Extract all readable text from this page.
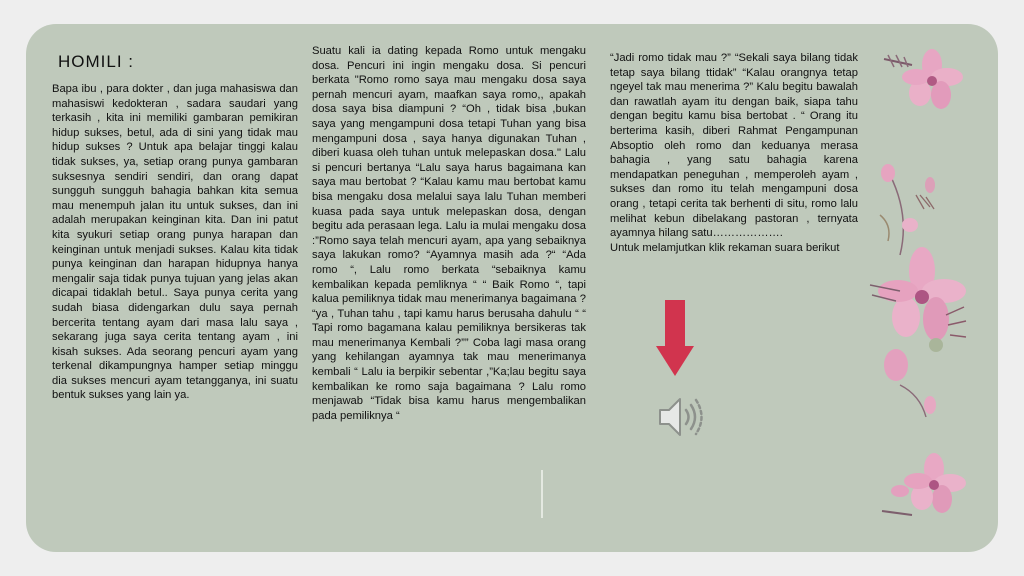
HOMILI :

Bapa ibu , para dokter , dan juga mahasiswa dan mahasiswi kedokteran , sadara saudari yang terkasih , kita ini memiliki gambaran pemikiran hidup sukses, betul, ada di sini yang tidak mau hidup sukses ? Untuk apa belajar tinggi kalau tidak sukses, ya, setiap orang punya gambaran suksesnya sendiri sendiri, dan orang dapat sungguh sungguh bahagia bahkan kita semua mau menempuh jalan itu untuk sukses, dan ini adalah merupakan keinginan kita. Dan ini patut kita syukuri setiap orang punya harapan dan keinginan untuk menjadi sukses. Kalau kita tidak punya keinginan dan harapan hidupnya hanya mengalir saja tidak punya tujuan yang jelas akan dicapai tidaklah betul.. Saya punya cerita yang sudah biasa didengarkan dulu saya pernah bercerita tentang ayam dari masa lalu saya , sekarang juga saya cerita tentang ayam , ini kisah sukses. Ada seorang pencuri ayam yang terkenal dikampungnya hamper setiap minggu dia sukses mencuri ayam tetangganya, ini suatu bentuk sukses yang lain ya.

Suatu kali ia dating kepada Romo untuk mengaku dosa. Pencuri ini ingin mengaku dosa. Si pencuri berkata "Romo romo saya mau mengaku dosa saya pernah mencuri ayam, maafkan saya romo,, apakah dosa saya bisa diampuni ? “Oh , tidak bisa ,bukan saya yang mengampuni dosa tetapi Tuhan yang bisa mengampuni dosa , saya hanya digunakan Tuhan , diberi kuasa oleh tuhan untuk melepaskan dosa." Lalu si pencuri bertanya “Lalu saya harus bagaimana kan saya mau bertobat ? “Kalau kamu mau bertobat kamu bisa mengaku dosa melalui saya lalu Tuhan memberi kuasa pada saya untuk melepaskan dosa, dengan begitu ada perasaan lega. Lalu ia mulai mengaku dosa :”Romo saya telah mencuri ayam, apa yang sebaiknya saya lakukan romo? “Ayamnya masih ada ?“ “Ada romo “, Lalu romo berkata “sebaiknya kamu kembalikan kepada pemliknya “ “ Baik Romo “, tapi kalua pemiliknya tidak mau menerimanya bagaimana ? “ya , Tuhan tahu , tapi kamu harus berusaha dahulu “ “ Tapi romo bagamana kalau pemiliknya bersikeras tak mau menerimanya Kembali ?”” Coba lagi masa orang yang kehilangan ayamnya tak mau menerimanya kembali “ Lalu ia berpikir sebentar ,”Ka;lau begitu saya kembalikan ke romo saja bagaimana ? Lalu romo menjawab “Tidak bisa kamu harus mengembalikan pada pemiliknya “

“Jadi romo tidak mau ?” “Sekali saya bilang tidak tetap saya bilang ttidak” “Kalau orangnya tetap ngeyel tak mau menerima ?” Kalu begitu bawalah dan rawatlah ayam itu dengan baik, siapa tahu dengan begitu kamu bisa bertobat . “ Orang itu berterima kasih, diberi Rahmat Pengampunan Absoptio oleh romo dan keduanya merasa bahagia , yang satu bahagia karena mendapatkan peneguhan , memperoleh ayam , sukses dan romo itu telah mengampuni dosa orang , tetapi cerita tak berhenti di situ, romo lalu melihat kebun dibelakang pastoran , ternyata ayamnya hilang satu……………….

Untuk melamjutkan klik rekaman suara berikut
